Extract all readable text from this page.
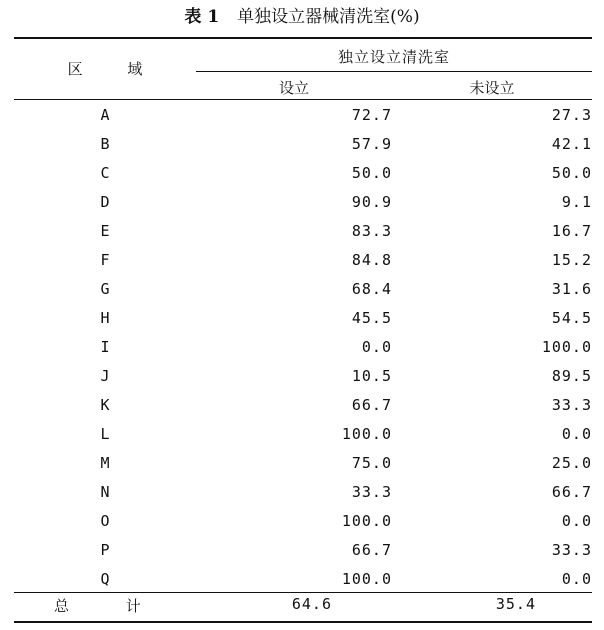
表 1 单独设立器械清洗室(%)
区 域
独立设立清洗室
设立	未设立
A	72.7	27.3
B	57.9	42.1
C	50.0	50.0
D	90.9	9.1
E	83.3	16.7
F	84.8	15.2
G	68.4	31.6
H	45.5	54.5
I	0.0	100.0
J	10.5	89.5
K	66.7	33.3
L	100.0	0.0
M	75.0	25.0
N	33.3	66.7
O	100.0	0.0
P	66.7	33.3
Q	100.0	0.0
总 计	64.6	35.4
